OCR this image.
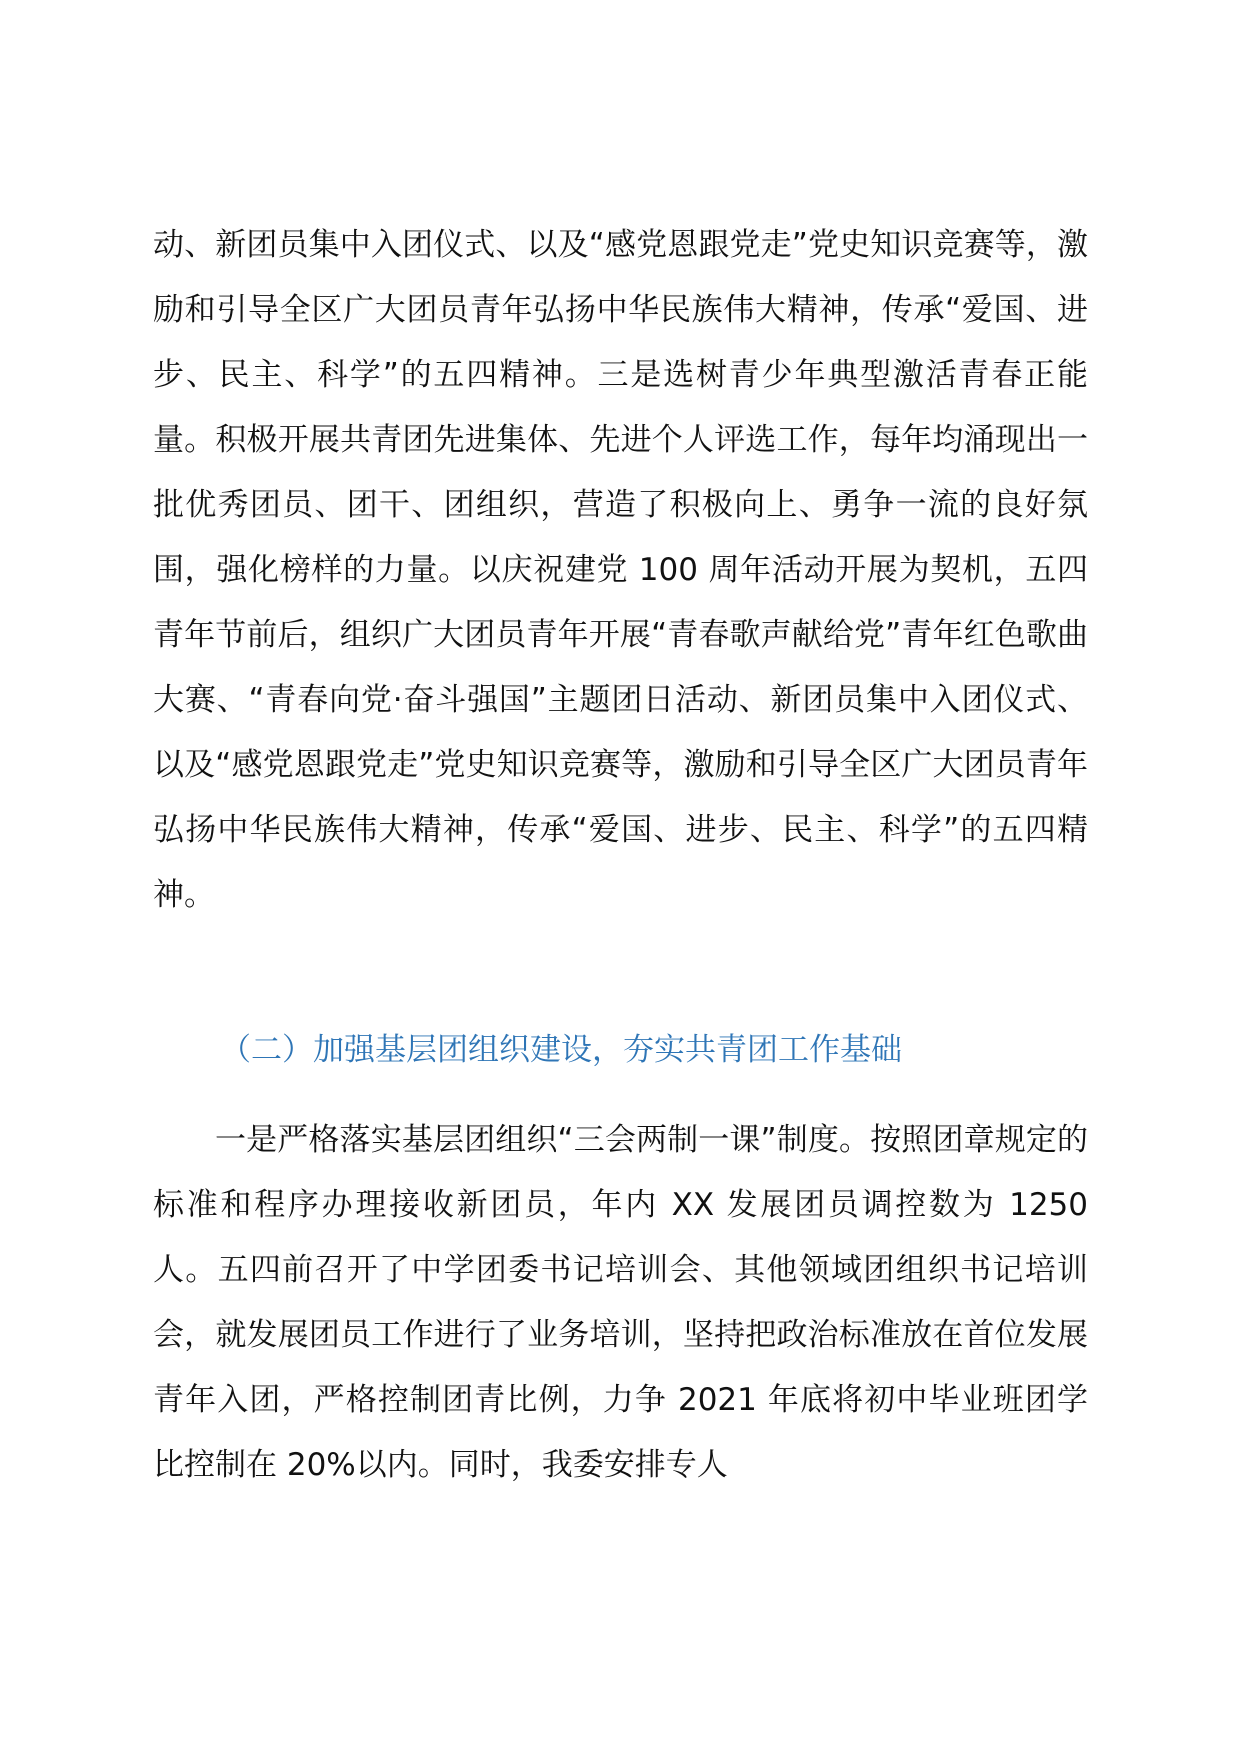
动、新团员集中入团仪式、以及“感党恩跟党走”党史知识竞赛等，激励和引导全区广大团员青年弘扬中华民族伟大精神，传承“爱国、进步、民主、科学”的五四精神。三是选树青少年典型激活青春正能量。积极开展共青团先进集体、先进个人评选工作，每年均涌现出一批优秀团员、团干、团组织，营造了积极向上、勇争一流的良好氛围，强化榜样的力量。以庆祝建党 100 周年活动开展为契机，五四青年节前后，组织广大团员青年开展“青春歌声献给党”青年红色歌曲大赛、“青春向党·奋斗强国”主题团日活动、新团员集中入团仪式、以及“感党恩跟党走”党史知识竞赛等，激励和引导全区广大团员青年弘扬中华民族伟大精神，传承“爱国、进步、民主、科学”的五四精神。

（二）加强基层团组织建设，夯实共青团工作基础

一是严格落实基层团组织“三会两制一课”制度。按照团章规定的标准和程序办理接收新团员，年内 XX 发展团员调控数为 1250 人。五四前召开了中学团委书记培训会、其他领域团组织书记培训会，就发展团员工作进行了业务培训，坚持把政治标准放在首位发展青年入团，严格控制团青比例，力争 2021 年底将初中毕业班团学比控制在 20%以内。同时，我委安排专人
